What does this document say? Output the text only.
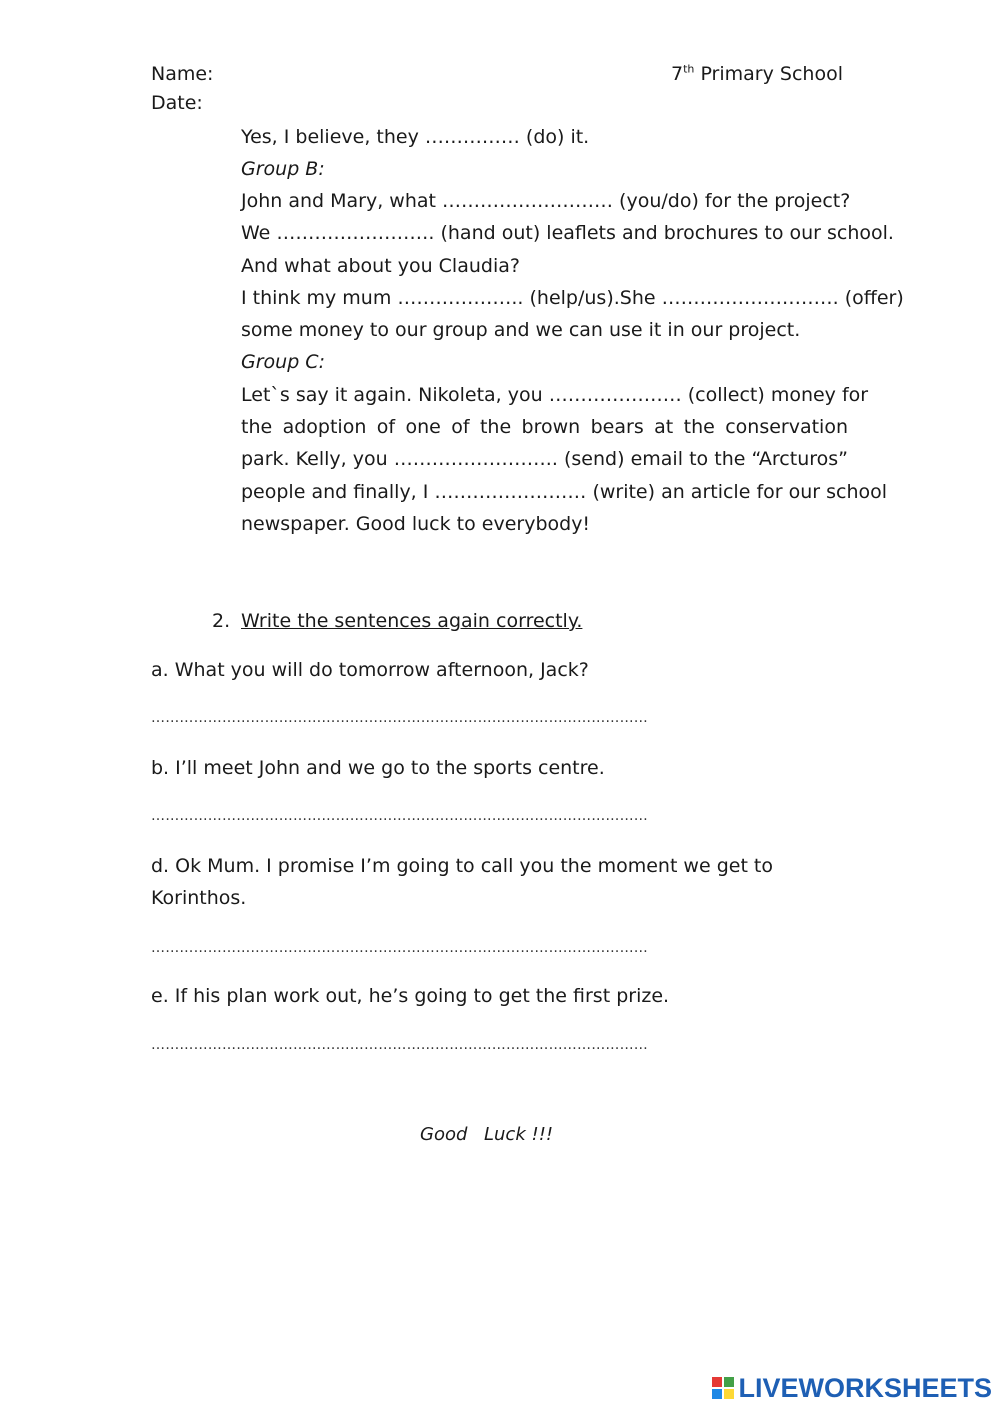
Name:
Date:
7th Primary School
Yes, I believe, they …………… (do) it.
Group B:
John and Mary, what ……………………… (you/do) for the project?
We ……………………. (hand out) leaflets and brochures to our school.
And what about you Claudia?
I think my mum ……………….. (help/us).She ………………………. (offer)
some money to our group and we can use it in our project.
Group C:
Let`s say it again. Nikoleta, you ………………… (collect) money for
the adoption of one of the brown bears at the conservation
park. Kelly, you …………………….. (send) email to the “Arcturos”
people and finally, I …………………… (write) an article for our school
newspaper. Good luck to everybody!
2. Write the sentences again correctly.
a. What you will do tomorrow afternoon, Jack?
……………………………………………………………………………………………
b. I’ll meet John and we go to the sports centre.
……………………………………………………………………………………………
d. Ok Mum. I promise I’m going to call you the moment we get to
Korinthos.
……………………………………………………………………………………………
e. If his plan work out, he’s going to get the first prize.
……………………………………………………………………………………………
Good Luck !!!
LIVEWORKSHEETS
